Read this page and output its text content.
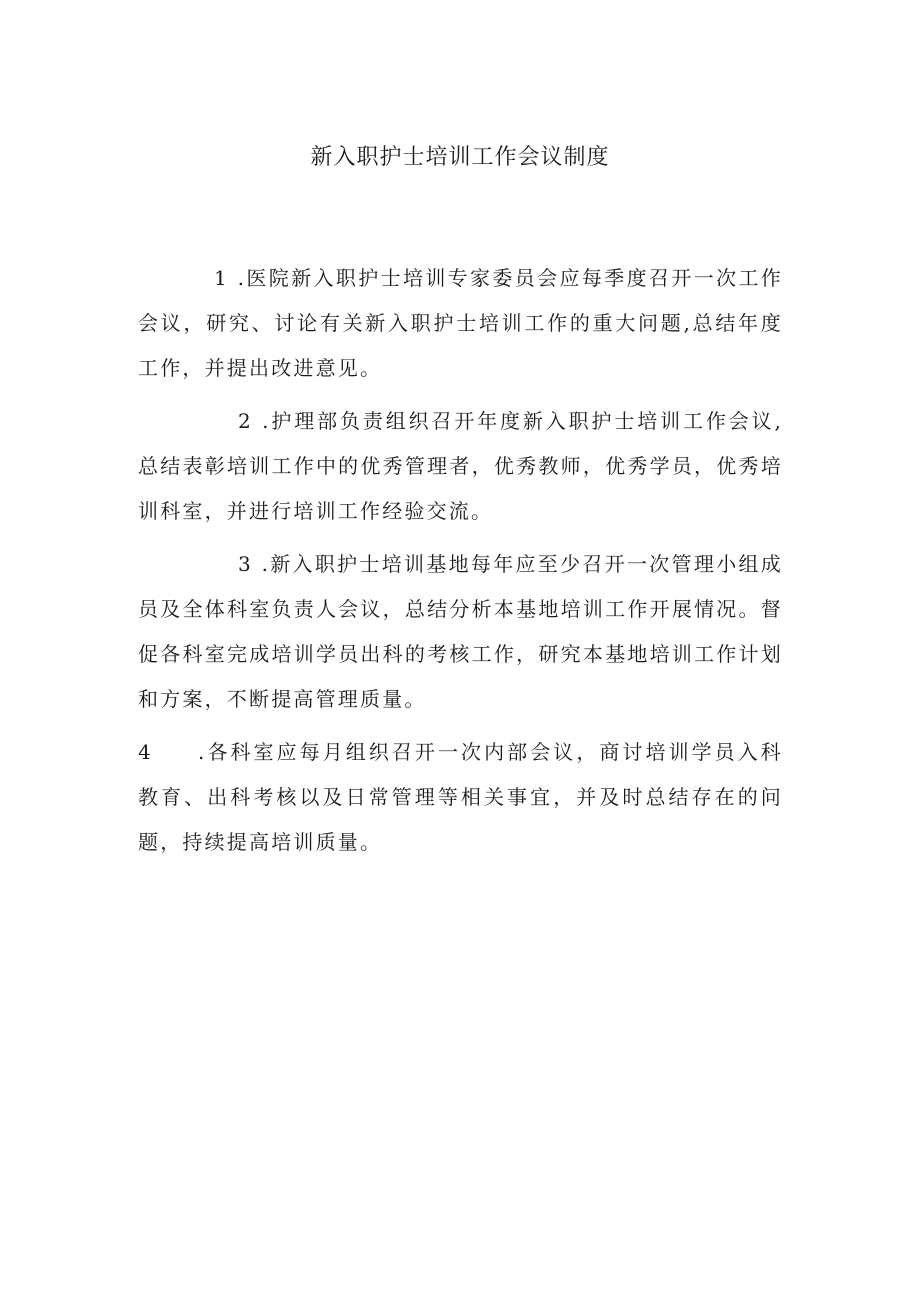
新入职护士培训工作会议制度

1 .医院新入职护士培训专家委员会应每季度召开一次工作会议，研究、讨论有关新入职护士培训工作的重大问题,总结年度工作，并提出改进意见。

2 .护理部负责组织召开年度新入职护士培训工作会议,总结表彰培训工作中的优秀管理者，优秀教师，优秀学员，优秀培训科室，并进行培训工作经验交流。

3 .新入职护士培训基地每年应至少召开一次管理小组成员及全体科室负责人会议，总结分析本基地培训工作开展情况。督促各科室完成培训学员出科的考核工作，研究本基地培训工作计划和方案，不断提高管理质量。

4 .各科室应每月组织召开一次内部会议，商讨培训学员入科教育、出科考核以及日常管理等相关事宜，并及时总结存在的问题，持续提高培训质量。
